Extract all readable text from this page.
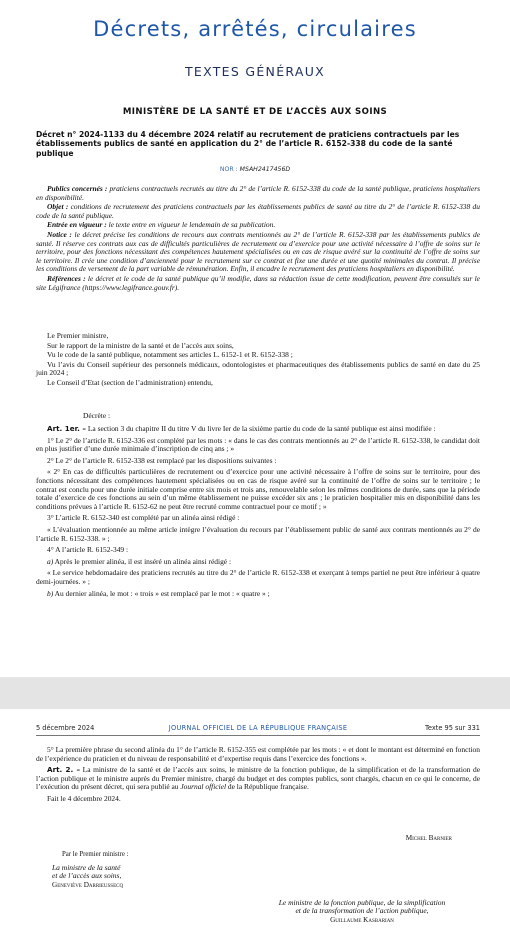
Décrets, arrêtés, circulaires
TEXTES GÉNÉRAUX
MINISTÈRE DE LA SANTÉ ET DE L’ACCÈS AUX SOINS
Décret n° 2024-1133 du 4 décembre 2024 relatif au recrutement de praticiens contractuels par les établissements publics de santé en application du 2° de l’article R. 6152-338 du code de la santé publique
NOR : MSAH2417456D

Publics concernés : praticiens contractuels recrutés au titre du 2° de l’article R. 6152-338 du code de la santé publique, praticiens hospitaliers en disponibilité.

Objet : conditions de recrutement des praticiens contractuels par les établissements publics de santé au titre du 2° de l’article R. 6152-338 du code de la santé publique.

Entrée en vigueur : le texte entre en vigueur le lendemain de sa publication.

Notice : le décret précise les conditions de recours aux contrats mentionnés au 2° de l’article R. 6152-338 par les établissements publics de santé. Il réserve ces contrats aux cas de difficultés particulières de recrutement ou d’exercice pour une activité nécessaire à l’offre de soins sur le territoire, pour des fonctions nécessitant des compétences hautement spécialisées ou en cas de risque avéré sur la continuité de l’offre de soins sur le territoire. Il crée une condition d’ancienneté pour le recrutement sur ce contrat et fixe une durée et une quotité minimales du contrat. Il précise les conditions de versement de la part variable de rémunération. Enfin, il encadre le recrutement des praticiens hospitaliers en disponibilité.

Références : le décret et le code de la santé publique qu’il modifie, dans sa rédaction issue de cette modification, peuvent être consultés sur le site Légifrance (https://www.legifrance.gouv.fr).

Le Premier ministre,

Sur le rapport de la ministre de la santé et de l’accès aux soins,

Vu le code de la santé publique, notamment ses articles L. 6152-1 et R. 6152-338 ;

Vu l’avis du Conseil supérieur des personnels médicaux, odontologistes et pharmaceutiques des établissements publics de santé en date du 25 juin 2024 ;

Le Conseil d’Etat (section de l’administration) entendu,

Décrète :

Art. 1er. – La section 3 du chapitre II du titre V du livre Ier de la sixième partie du code de la santé publique est ainsi modifiée :

1° Le 2° de l’article R. 6152-336 est complété par les mots : « dans le cas des contrats mentionnés au 2° de l’article R. 6152-338, le candidat doit en plus justifier d’une durée minimale d’inscription de cinq ans ; »

2° Le 2° de l’article R. 6152-338 est remplacé par les dispositions suivantes :

« 2° En cas de difficultés particulières de recrutement ou d’exercice pour une activité nécessaire à l’offre de soins sur le territoire, pour des fonctions nécessitant des compétences hautement spécialisées ou en cas de risque avéré sur la continuité de l’offre de soins sur le territoire ; le contrat est conclu pour une durée initiale comprise entre six mois et trois ans, renouvelable selon les mêmes conditions de durée, sans que la période totale d’exercice de ces fonctions au sein d’un même établissement ne puisse excéder six ans ; le praticien hospitalier mis en disponibilité dans les conditions prévues à l’article R. 6152-62 ne peut être recruté comme contractuel pour ce motif ; »

3° L’article R. 6152-340 est complété par un alinéa ainsi rédigé :

« L’évaluation mentionnée au même article intègre l’évaluation du recours par l’établissement public de santé aux contrats mentionnés au 2° de l’article R. 6152-338. » ;

4° A l’article R. 6152-349 :

a) Après le premier alinéa, il est inséré un alinéa ainsi rédigé :

« Le service hebdomadaire des praticiens recrutés au titre du 2° de l’article R. 6152-338 et exerçant à temps partiel ne peut être inférieur à quatre demi-journées. » ;

b) Au dernier alinéa, le mot : « trois » est remplacé par le mot : « quatre » ;

5 décembre 2024	JOURNAL OFFICIEL DE LA RÉPUBLIQUE FRANÇAISE	Texte 95 sur 331

5° La première phrase du second alinéa du 1° de l’article R. 6152-355 est complétée par les mots : « et dont le montant est déterminé en fonction de l’expérience du praticien et du niveau de responsabilité et d’expertise requis dans l’exercice des fonctions ».

Art. 2. – La ministre de la santé et de l’accès aux soins, le ministre de la fonction publique, de la simplification et de la transformation de l’action publique et le ministre auprès du Premier ministre, chargé du budget et des comptes publics, sont chargés, chacun en ce qui le concerne, de l’exécution du présent décret, qui sera publié au Journal officiel de la République française.

Fait le 4 décembre 2024.

Michel Barnier
Par le Premier ministre :
La ministre de la santé
et de l’accès aux soins,
Geneviève Darrieussecq
Le ministre de la fonction publique, de la simplification
et de la transformation de l’action publique,
Guillaume Kasbarian
